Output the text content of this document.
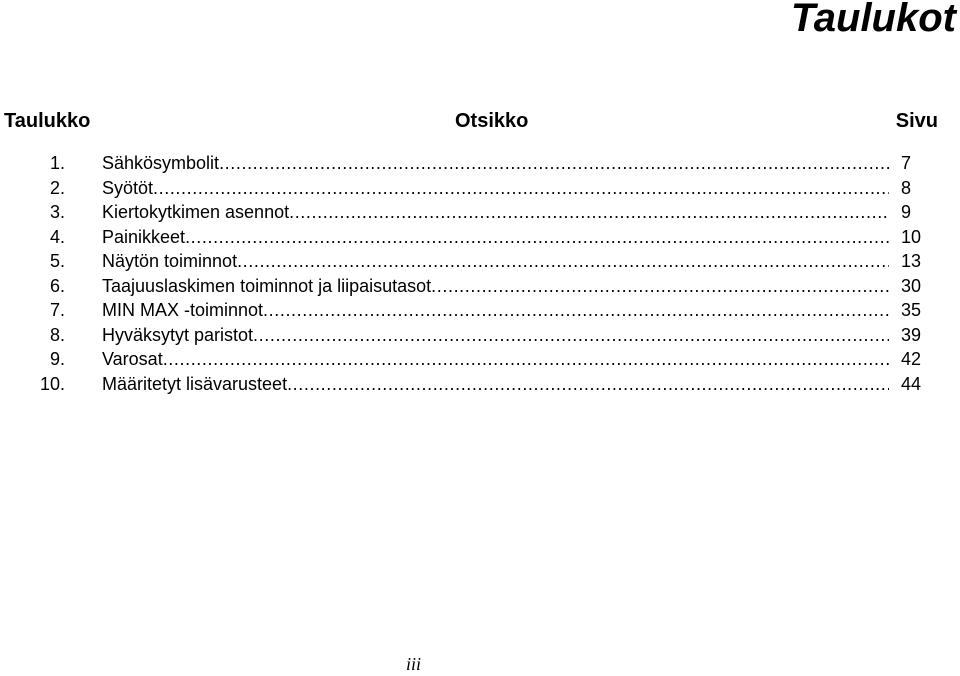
Taulukot
Taulukko	Otsikko	Sivu
1. Sähkösymbolit .....	7
2. Syötöt .....	8
3. Kiertokytkimen asennot .....	9
4. Painikkeet .....	10
5. Näytön toiminnot .....	13
6. Taajuuslaskimen toiminnot ja liipaisutasot .....	30
7. MIN MAX -toiminnot .....	35
8. Hyväksytyt paristot .....	39
9. Varosat .....	42
10. Määritetyt lisävarusteet .....	44
iii
